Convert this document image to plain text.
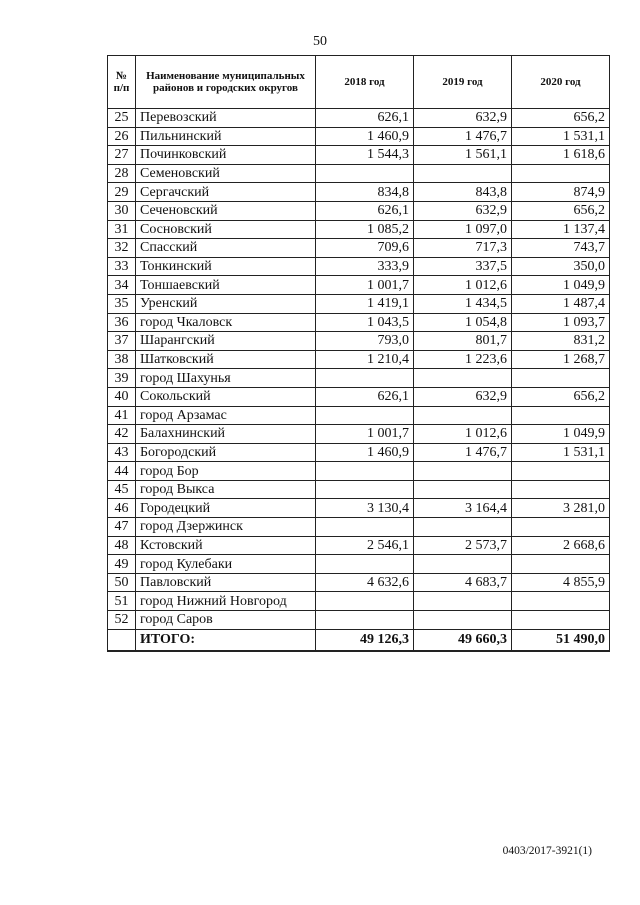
50
№ п/п	Наименование муниципальных районов и городских округов	2018 год	2019 год	2020 год
25	Перевозский	626,1	632,9	656,2
26	Пильнинский	1 460,9	1 476,7	1 531,1
27	Починковский	1 544,3	1 561,1	1 618,6
28	Семеновский			
29	Сергачский	834,8	843,8	874,9
30	Сеченовский	626,1	632,9	656,2
31	Сосновский	1 085,2	1 097,0	1 137,4
32	Спасский	709,6	717,3	743,7
33	Тонкинский	333,9	337,5	350,0
34	Тоншаевский	1 001,7	1 012,6	1 049,9
35	Уренский	1 419,1	1 434,5	1 487,4
36	город Чкаловск	1 043,5	1 054,8	1 093,7
37	Шарангский	793,0	801,7	831,2
38	Шатковский	1 210,4	1 223,6	1 268,7
39	город Шахунья			
40	Сокольский	626,1	632,9	656,2
41	город Арзамас			
42	Балахнинский	1 001,7	1 012,6	1 049,9
43	Богородский	1 460,9	1 476,7	1 531,1
44	город Бор			
45	город Выкса			
46	Городецкий	3 130,4	3 164,4	3 281,0
47	город Дзержинск			
48	Кстовский	2 546,1	2 573,7	2 668,6
49	город Кулебаки			
50	Павловский	4 632,6	4 683,7	4 855,9
51	город Нижний Новгород			
52	город Саров			
	ИТОГО:	49 126,3	49 660,3	51 490,0
0403/2017-3921(1)
